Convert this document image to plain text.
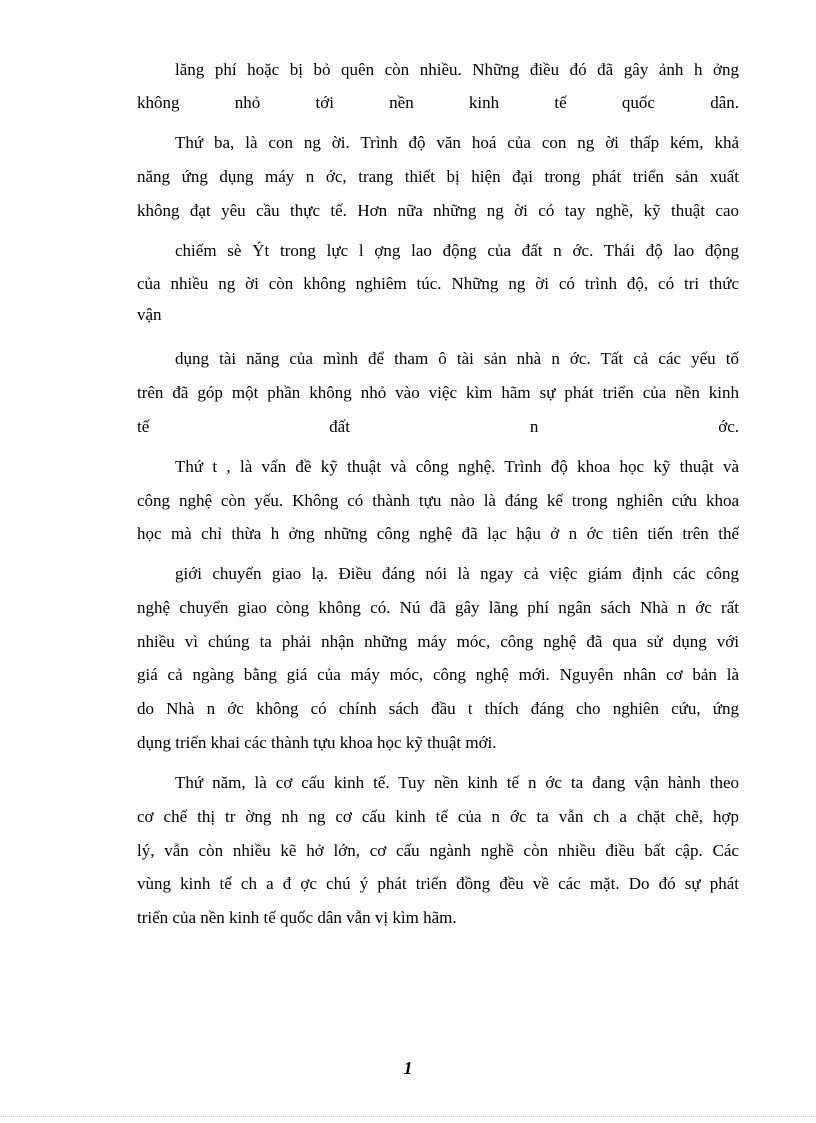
lăng phí hoặc bị bỏ quên còn nhiều. Những điều đó đã gây ảnh h ởng
không nhỏ tới nền kinh tế quốc dân.
Thứ ba, là con ng ời. Trình độ văn hoá của con ng ời thấp kém, khả
năng ứng dụng máy n ớc, trang thiết bị hiện đại trong phát triển sản xuất
không đạt yêu cầu thực tế. Hơn nữa những ng ời có tay nghề, kỹ thuật cao
chiếm sè Ýt trong lực l ợng lao động của đất n ớc. Thái độ lao động
của nhiều ng ời còn không nghiêm túc. Những ng ời có trình độ, có tri thức
vận
dụng tài năng của mình để tham ô tài sản nhà n ớc. Tất cả các yếu tố
trên đã góp một phần không nhỏ vào việc kìm hãm sự phát triển của nền kinh
tế đất n ớc.
Thứ t , là vấn đề kỹ thuật và công nghệ. Trình độ khoa học kỹ thuật và
công nghệ còn yếu. Không có thành tựu nào là đáng kể trong nghiên cứu khoa
học mà chỉ thừa h ởng những công nghệ đã lạc hậu ở n ớc tiên tiến trên thế
giới chuyển giao lạ. Điều đáng nói là ngay cả việc giám định các công
nghệ chuyển giao còng không có. Nú đã gây lãng phí ngân sách Nhà n ớc rất
nhiều vì chúng ta phải nhận những máy móc, công nghệ đã qua sử dụng với
giá cả ngàng bằng giá của máy móc, công nghệ mới. Nguyên nhân cơ bản là
do Nhà n ớc không có chính sách đầu t thích đáng cho nghiên cứu, ứng
dụng triển khai các thành tựu khoa học kỹ thuật mới.
Thứ năm, là cơ cấu kinh tế. Tuy nền kinh tế n ớc ta đang vận hành theo
cơ chế thị tr ờng nh ng cơ cấu kinh tế của n ớc ta vẫn ch a chặt chẽ, hợp
lý, vẫn còn nhiều kẽ hở lớn, cơ cấu ngành nghề còn nhiều điều bất cập. Các
vùng kinh tế ch a đ ợc chú ý phát triển đồng đều về các mặt. Do đó sự phát
triển của nền kinh tế quốc dân vẫn vị kìm hãm.
1
